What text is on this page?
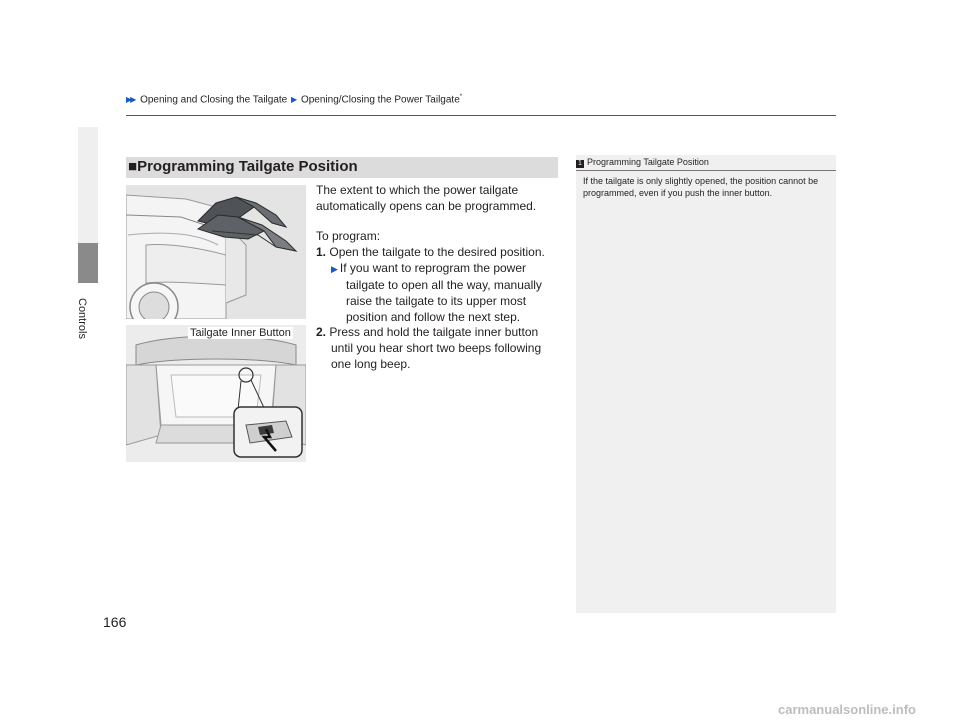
Controls
▶▶ Opening and Closing the Tailgate ▶ Opening/Closing the Power Tailgate*
■Programming Tailgate Position
Tailgate Inner Button
The extent to which the power tailgate
automatically opens can be programmed.
To program:
1. Open the tailgate to the desired position.
▶ If you want to reprogram the power
tailgate to open all the way, manually
raise the tailgate to its upper most
position and follow the next step.
2. Press and hold the tailgate inner button
until you hear short two beeps following
one long beep.
1 Programming Tailgate Position
If the tailgate is only slightly opened, the position cannot be programmed, even if you push the inner button.
166
carmanualsonline.info
